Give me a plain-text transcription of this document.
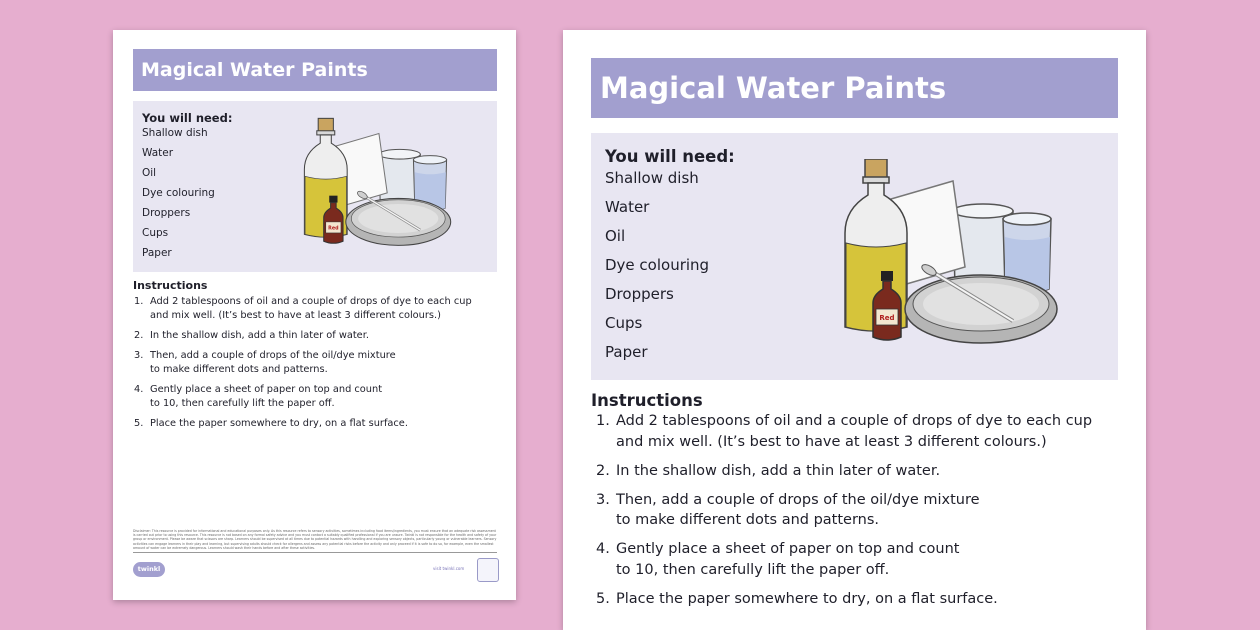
Magical Water Paints
You will need:
Shallow dish
Water
Oil
Dye colouring
Droppers
Cups
Paper
Red
Instructions
1. Add 2 tablespoons of oil and a couple of drops of dye to each cup
and mix well. (It’s best to have at least 3 different colours.)
2. In the shallow dish, add a thin later of water.
3. Then, add a couple of drops of the oil/dye mixture
to make different dots and patterns.
4. Gently place a sheet of paper on top and count
to 10, then carefully lift the paper off.
5. Place the paper somewhere to dry, on a flat surface.
Disclaimer: This resource is provided for informational and educational purposes only. As this resource refers to sensory activities, sometimes including food items/ingredients, you must ensure that an adequate risk assessment is carried out prior to using this resource. This resource is not based on any formal safety advice and you must contact a suitably qualified professional if you are unsure. Twinkl is not responsible for the health and safety of your group or environment. Please be aware that scissors are sharp. Learners should be supervised at all times due to potential hazards with handling and exploring sensory objects, particularly young or vulnerable learners. Sensory activities can engage learners in their play and learning, but supervising adults should check for allergens and assess any potential risks before the activity and only proceed if it is safe to do so, for example, even the smallest amount of water can be extremely dangerous. Learners should wash their hands before and after these activities.
twinkl	visit twinkl.com
Magical Water Paints
You will need:
Shallow dish
Water
Oil
Dye colouring
Droppers
Cups
Paper
Red
Instructions
1. Add 2 tablespoons of oil and a couple of drops of dye to each cup
and mix well. (It’s best to have at least 3 different colours.)
2. In the shallow dish, add a thin later of water.
3. Then, add a couple of drops of the oil/dye mixture
to make different dots and patterns.
4. Gently place a sheet of paper on top and count
to 10, then carefully lift the paper off.
5. Place the paper somewhere to dry, on a flat surface.
